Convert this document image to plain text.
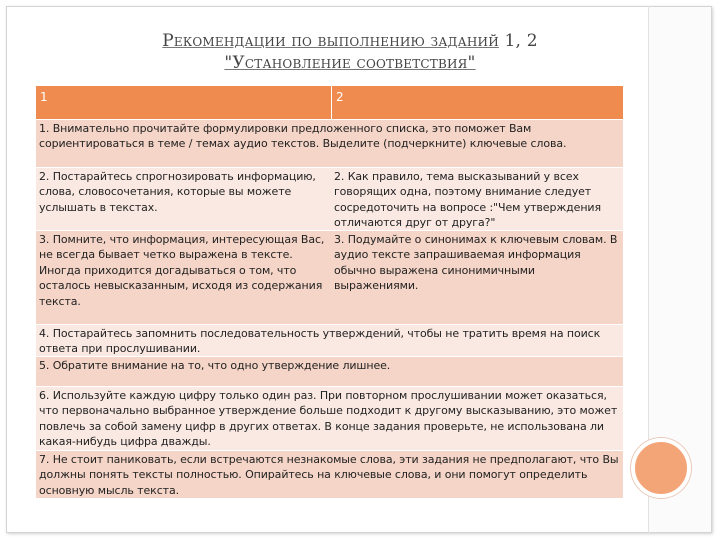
Рекомендации по выполнению заданий 1, 2
"Установление соответствия"
1	2
1. Внимательно прочитайте формулировки предложенного списка, это поможет Вам сориентироваться в теме / темах аудио текстов. Выделите (подчеркните) ключевые слова.
2. Постарайтесь спрогнозировать информацию, слова, словосочетания, которые вы можете услышать в текстах.
2. Как правило, тема высказываний у всех говорящих одна, поэтому внимание следует сосредоточить на вопросе :"Чем утверждения отличаются друг от друга?"
3. Помните, что информация, интересующая Вас, не всегда бывает четко выражена в тексте. Иногда приходится догадываться о том, что осталось невысказанным, исходя из содержания текста.
3. Подумайте о синонимах к ключевым словам. В аудио тексте запрашиваемая информация обычно выражена синонимичными выражениями.
4. Постарайтесь запомнить последовательность утверждений, чтобы не тратить время на поиск ответа при прослушивании.
5. Обратите внимание на то, что одно утверждение лишнее.
6. Используйте каждую цифру только один раз. При повторном прослушивании может оказаться, что первоначально выбранное утверждение больше подходит к другому высказыванию, это может повлечь за собой замену цифр в других ответах. В конце задания проверьте, не использована ли какая-нибудь цифра дважды.
7. Не стоит паниковать, если встречаются незнакомые слова, эти задания не предполагают, что Вы должны понять тексты полностью. Опирайтесь на ключевые слова, и они помогут определить основную мысль текста.
